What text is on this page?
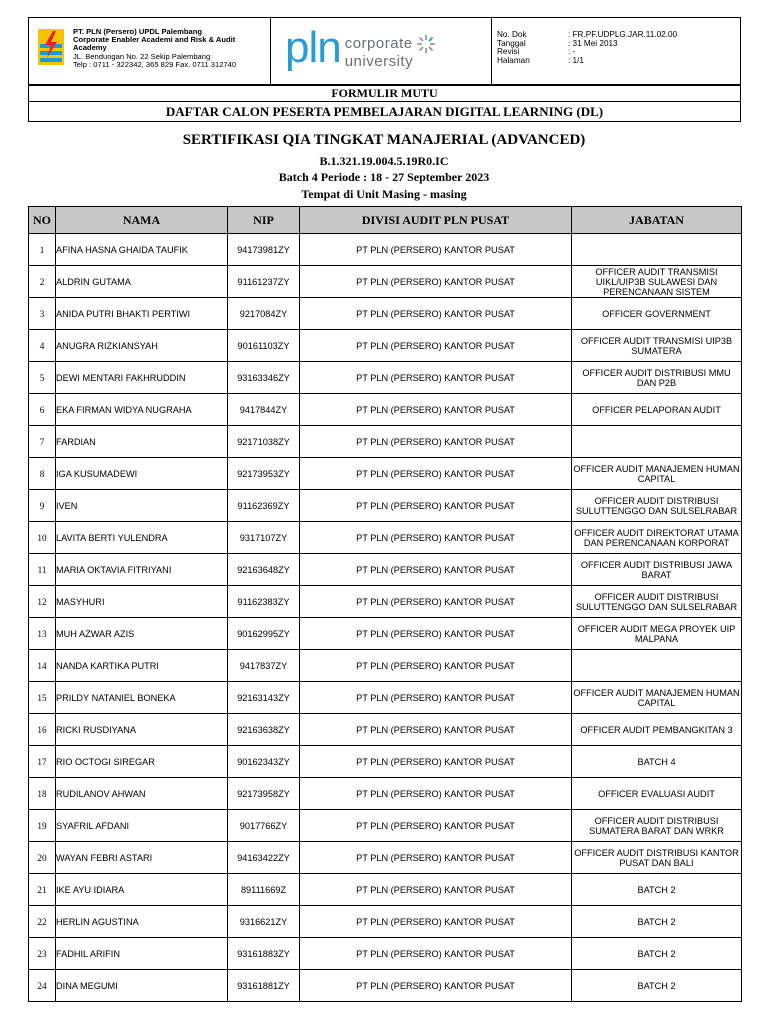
PT. PLN (Persero) UPDL Palembang
Corporate Enabler Academi and Risk & Audit Academy
JL. Bendungan No. 22 Sekip Palembang
Telp : 0711 - 322342, 365 829 Fax. 0711 312740	pln corporate
university
No. Dok	: FR.PF.UDPLG.JAR.11.02.00
Tanggal	: 31 Mei 2013
Revisi	: -
Halaman	: 1/1
FORMULIR MUTU
DAFTAR CALON PESERTA PEMBELAJARAN DIGITAL LEARNING (DL)
SERTIFIKASI QIA TINGKAT MANAJERIAL (ADVANCED)
B.1.321.19.004.5.19R0.IC
Batch 4 Periode : 18 - 27 September 2023
Tempat di Unit Masing - masing
NO	NAMA	NIP	DIVISI AUDIT PLN PUSAT	JABATAN
1	AFINA HASNA GHAIDA TAUFIK	94173981ZY	PT PLN (PERSERO) KANTOR PUSAT	
2	ALDRIN GUTAMA	91161237ZY	PT PLN (PERSERO) KANTOR PUSAT	OFFICER AUDIT TRANSMISI UIKL/UIP3B SULAWESI DAN PERENCANAAN SISTEM
3	ANIDA PUTRI BHAKTI PERTIWI	9217084ZY	PT PLN (PERSERO) KANTOR PUSAT	OFFICER GOVERNMENT
4	ANUGRA RIZKIANSYAH	90161103ZY	PT PLN (PERSERO) KANTOR PUSAT	OFFICER AUDIT TRANSMISI UIP3B SUMATERA
5	DEWI MENTARI FAKHRUDDIN	93163346ZY	PT PLN (PERSERO) KANTOR PUSAT	OFFICER AUDIT DISTRIBUSI MMU DAN P2B
6	EKA FIRMAN WIDYA NUGRAHA	9417844ZY	PT PLN (PERSERO) KANTOR PUSAT	OFFICER PELAPORAN AUDIT
7	FARDIAN	92171038ZY	PT PLN (PERSERO) KANTOR PUSAT	
8	IGA KUSUMADEWI	92173953ZY	PT PLN (PERSERO) KANTOR PUSAT	OFFICER AUDIT MANAJEMEN HUMAN CAPITAL
9	IVEN	91162369ZY	PT PLN (PERSERO) KANTOR PUSAT	OFFICER AUDIT DISTRIBUSI SULUTTENGGO DAN SULSELRABAR
10	LAVITA BERTI YULENDRA	9317107ZY	PT PLN (PERSERO) KANTOR PUSAT	OFFICER AUDIT DIREKTORAT UTAMA DAN PERENCANAAN KORPORAT
11	MARIA OKTAVIA FITRIYANI	92163648ZY	PT PLN (PERSERO) KANTOR PUSAT	OFFICER AUDIT DISTRIBUSI JAWA BARAT
12	MASYHURI	91162383ZY	PT PLN (PERSERO) KANTOR PUSAT	OFFICER AUDIT DISTRIBUSI SULUTTENGGO DAN SULSELRABAR
13	MUH AZWAR AZIS	90162995ZY	PT PLN (PERSERO) KANTOR PUSAT	OFFICER AUDIT MEGA PROYEK UIP MALPANA
14	NANDA KARTIKA PUTRI	9417837ZY	PT PLN (PERSERO) KANTOR PUSAT	
15	PRILDY NATANIEL BONEKA	92163143ZY	PT PLN (PERSERO) KANTOR PUSAT	OFFICER AUDIT MANAJEMEN HUMAN CAPITAL
16	RICKI RUSDIYANA	92163638ZY	PT PLN (PERSERO) KANTOR PUSAT	OFFICER AUDIT PEMBANGKITAN 3
17	RIO OCTOGI SIREGAR	90162343ZY	PT PLN (PERSERO) KANTOR PUSAT	BATCH 4
18	RUDILANOV AHWAN	92173958ZY	PT PLN (PERSERO) KANTOR PUSAT	OFFICER EVALUASI AUDIT
19	SYAFRIL AFDANI	9017766ZY	PT PLN (PERSERO) KANTOR PUSAT	OFFICER AUDIT DISTRIBUSI SUMATERA BARAT DAN WRKR
20	WAYAN FEBRI ASTARI	94163422ZY	PT PLN (PERSERO) KANTOR PUSAT	OFFICER AUDIT DISTRIBUSI KANTOR PUSAT DAN BALI
21	IKE AYU IDIARA	89111669Z	PT PLN (PERSERO) KANTOR PUSAT	BATCH 2
22	HERLIN AGUSTINA	9316621ZY	PT PLN (PERSERO) KANTOR PUSAT	BATCH 2
23	FADHIL ARIFIN	93161883ZY	PT PLN (PERSERO) KANTOR PUSAT	BATCH 2
24	DINA MEGUMI	93161881ZY	PT PLN (PERSERO) KANTOR PUSAT	BATCH 2
